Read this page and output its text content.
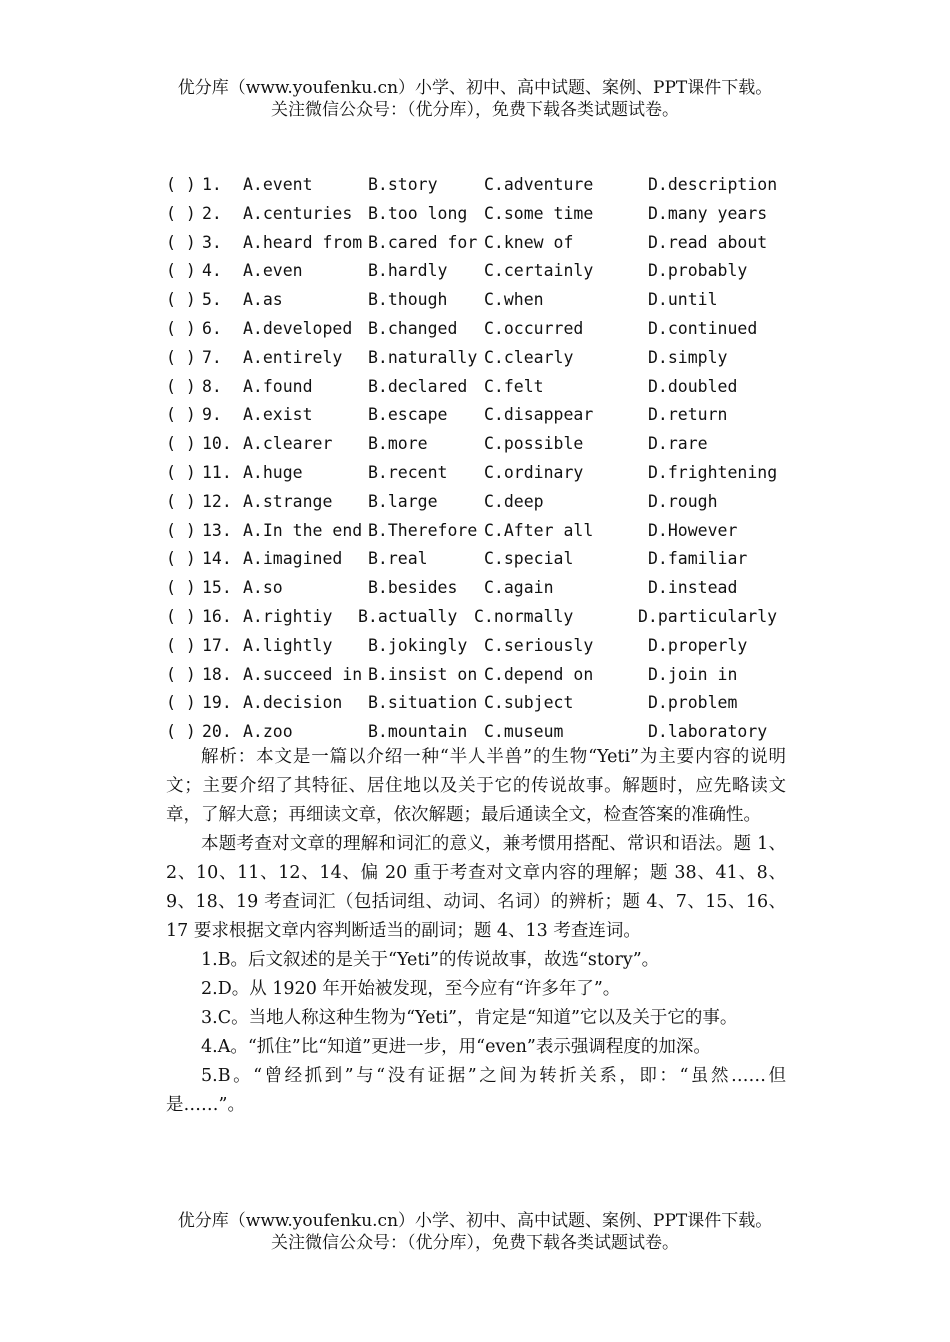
优分库（www.youfenku.cn）小学、初中、高中试题、案例、PPT课件下载。
关注微信公众号：（优分库），免费下载各类试题试卷。
( ) 1. A.event	B.story	C.adventure	D.description
( ) 2. A.centuries B.too long C.some time	D.many years
( ) 3. A.heard from B.cared for C.knew of	D.read about
( ) 4. A.even	B.hardly C.certainly	D.probably
( ) 5. A.as	B.though C.when	D.until
( ) 6. A.developed B.changed C.occurred	D.continued
( ) 7. A.entirely B.naturally C.clearly	D.simply
( ) 8. A.found	B.declared C.felt	D.doubled
( ) 9. A.exist	B.escape C.disappear	D.return
( ) 10. A.clearer B.more	C.possible	D.rare
( ) 11. A.huge	B.recent C.ordinary	D.frightening
( ) 12. A.strange B.large	C.deep	D.rough
( ) 13. A.In the end B.Therefore C.After all	D.However
( ) 14. A.imagined B.real	C.special	D.familiar
( ) 15. A.so	B.besides C.again	D.instead
( ) 16. A.rightiy B.actually C.normally	D.particularly
( ) 17. A.lightly B.jokingly C.seriously	D.properly
( ) 18. A.succeed in B.insist on C.depend on	D.join in
( ) 19. A.decision B.situation C.subject	D.problem
( ) 20. A.zoo	B.mountain C.museum	D.laboratory

解析：本文是一篇以介绍一种“半人半兽”的生物“Yeti”为主要内容的说明文；主要介绍了其特征、居住地以及关于它的传说故事。解题时，应先略读文章，了解大意；再细读文章，依次解题；最后通读全文，检查答案的准确性。

本题考查对文章的理解和词汇的意义，兼考惯用搭配、常识和语法。题 1、2、10、11、12、14、偏 20 重于考查对文章内容的理解；题 38、41、8、9、18、19 考查词汇（包括词组、动词、名词）的辨析；题 4、7、15、16、17 要求根据文章内容判断适当的副词；题 4、13 考查连词。

1.B。后文叙述的是关于“Yeti”的传说故事，故选“story”。

2.D。从 1920 年开始被发现，至今应有“许多年了”。

3.C。当地人称这种生物为“Yeti”，肯定是“知道”它以及关于它的事。

4.A。“抓住”比“知道”更进一步，用“even”表示强调程度的加深。

5.B。“曾经抓到”与“没有证据”之间为转折关系，即：“虽然……但是……”。

优分库（www.youfenku.cn）小学、初中、高中试题、案例、PPT课件下载。
关注微信公众号：（优分库），免费下载各类试题试卷。
